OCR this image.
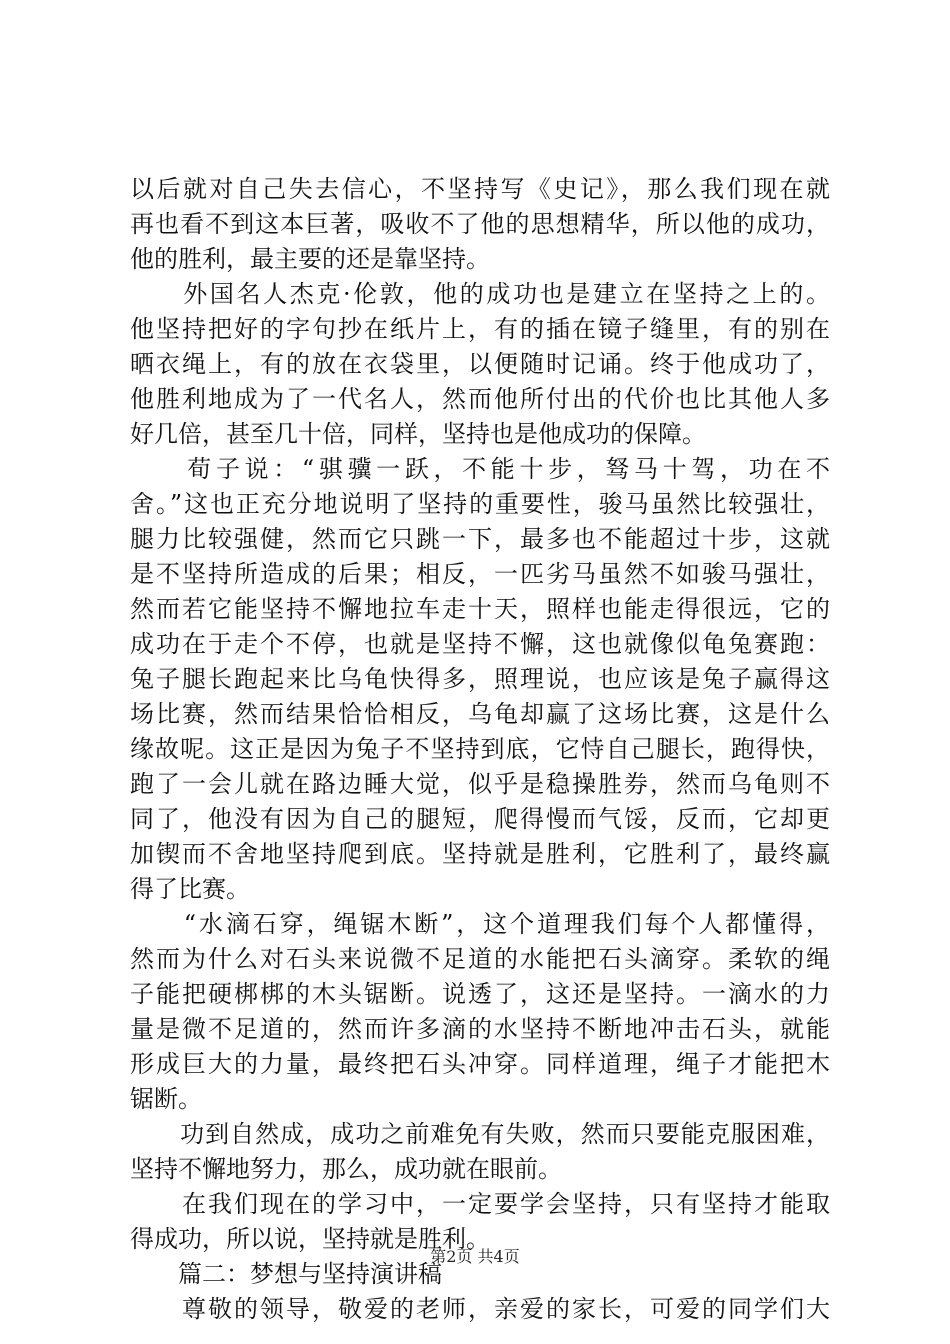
以后就对自己失去信心，不坚持写《史记》，那么我们现在就
再也看不到这本巨著，吸收不了他的思想精华，所以他的成功，
他的胜利，最主要的还是靠坚持。
　　外国名人杰克·伦敦，他的成功也是建立在坚持之上的。
他坚持把好的字句抄在纸片上，有的插在镜子缝里，有的别在
晒衣绳上，有的放在衣袋里，以便随时记诵。终于他成功了，
他胜利地成为了一代名人，然而他所付出的代价也比其他人多
好几倍，甚至几十倍，同样，坚持也是他成功的保障。
　　荀子说：“骐骥一跃，不能十步，驽马十驾，功在不
舍。”这也正充分地说明了坚持的重要性，骏马虽然比较强壮，
腿力比较强健，然而它只跳一下，最多也不能超过十步，这就
是不坚持所造成的后果；相反，一匹劣马虽然不如骏马强壮，
然而若它能坚持不懈地拉车走十天，照样也能走得很远，它的
成功在于走个不停，也就是坚持不懈，这也就像似龟兔赛跑：
兔子腿长跑起来比乌龟快得多，照理说，也应该是兔子赢得这
场比赛，然而结果恰恰相反，乌龟却赢了这场比赛，这是什么
缘故呢。这正是因为兔子不坚持到底，它恃自己腿长，跑得快，
跑了一会儿就在路边睡大觉，似乎是稳操胜券，然而乌龟则不
同了，他没有因为自己的腿短，爬得慢而气馁，反而，它却更
加锲而不舍地坚持爬到底。坚持就是胜利，它胜利了，最终赢
得了比赛。
　　“水滴石穿，绳锯木断”，这个道理我们每个人都懂得，
然而为什么对石头来说微不足道的水能把石头滴穿。柔软的绳
子能把硬梆梆的木头锯断。说透了，这还是坚持。一滴水的力
量是微不足道的，然而许多滴的水坚持不断地冲击石头，就能
形成巨大的力量，最终把石头冲穿。同样道理，绳子才能把木
锯断。
　　功到自然成，成功之前难免有失败，然而只要能克服困难，
坚持不懈地努力，那么，成功就在眼前。
　　在我们现在的学习中，一定要学会坚持，只有坚持才能取
得成功，所以说，坚持就是胜利。
　　篇二：梦想与坚持演讲稿
　　尊敬的领导，敬爱的老师，亲爱的家长，可爱的同学们大
第2页 共4页
